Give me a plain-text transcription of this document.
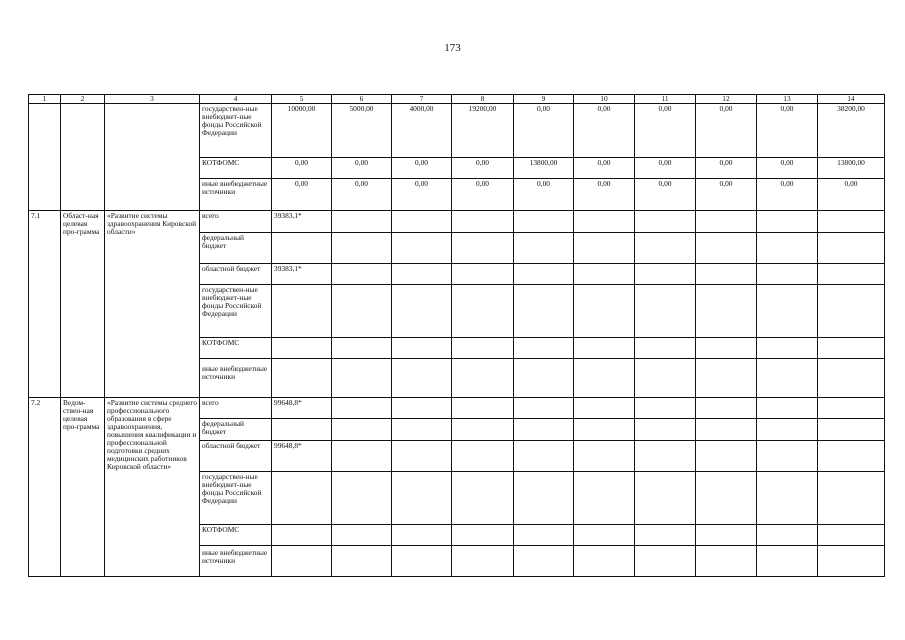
173
1	2	3	4	5	6	7	8	9	10	11	12	13	14
			государствен-ные внебюджет-ные фонды Российской Федерации	10000,00	5000,00	4000,00	19200,00	0,00	0,00	0,00	0,00	0,00	38200,00
			КОТФОМС	0,00	0,00	0,00	0,00	13800,00	0,00	0,00	0,00	0,00	13800,00
			иные внебюджетные источники	0,00	0,00	0,00	0,00	0,00	0,00	0,00	0,00	0,00	0,00
7.1	Област-ная целевая про-грамма	«Развитие системы здравоохранения Кировской области»	всего	39383,1*									
			федеральный бюджет										
			областной бюджет	39383,1*									
			государствен-ные внебюджет-ные фонды Российской Федерации										
			КОТФОМС										
			иные внебюджетные источники										
7.2	Ведом-ствен-ная целевая про-грамма	«Развитие системы среднего профессионального образования в сфере здравоохранения, повышения квалификации и профессиональной подготовки средних медицинских работников Кировской области»	всего	99648,8*									
			федеральный бюджет										
			областной бюджет	99648,8*									
			государствен-ные внебюджет-ные фонды Российской Федерации										
			КОТФОМС										
			иные внебюджетные источники										
